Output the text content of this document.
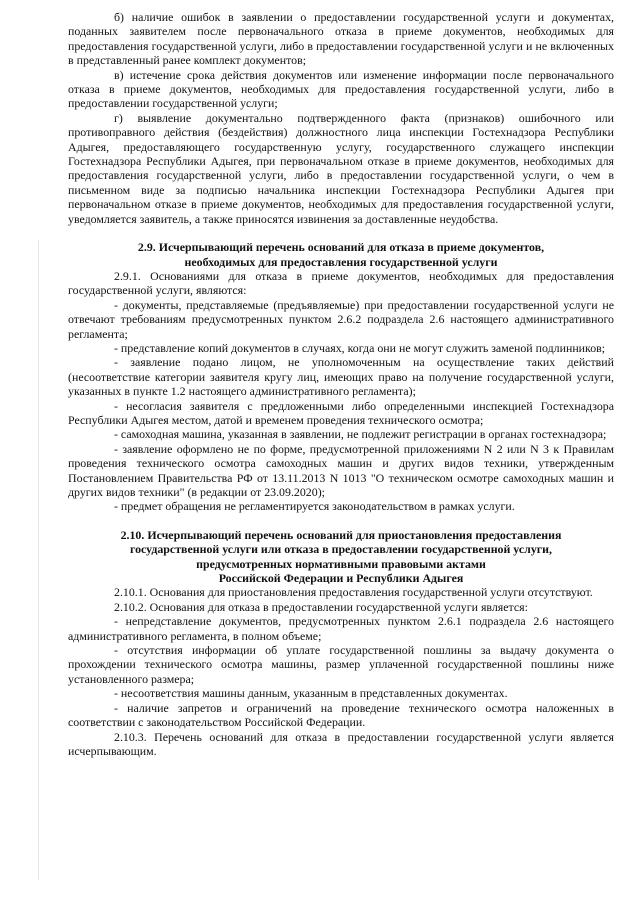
б) наличие ошибок в заявлении о предоставлении государственной услуги и документах, поданных заявителем после первоначального отказа в приеме документов, необходимых для предоставления государственной услуги, либо в предоставлении государственной услуги и не включенных в представленный ранее комплект документов;

в) истечение срока действия документов или изменение информации после первоначального отказа в приеме документов, необходимых для предоставления государственной услуги, либо в предоставлении государственной услуги;

г) выявление документально подтвержденного факта (признаков) ошибочного или противоправного действия (бездействия) должностного лица инспекции Гостехнадзора Республики Адыгея, предоставляющего государственную услугу, государственного служащего инспекции Гостехнадзора Республики Адыгея, при первоначальном отказе в приеме документов, необходимых для предоставления государственной услуги, либо в предоставлении государственной услуги, о чем в письменном виде за подписью начальника инспекции Гостехнадзора Республики Адыгея при первоначальном отказе в приеме документов, необходимых для предоставления государственной услуги, уведомляется заявитель, а также приносятся извинения за доставленные неудобства.

2.9. Исчерпывающий перечень оснований для отказа в приеме документов,

необходимых для предоставления государственной услуги

2.9.1. Основаниями для отказа в приеме документов, необходимых для предоставления государственной услуги, являются:

- документы, представляемые (предъявляемые) при предоставлении государственной услуги не отвечают требованиям предусмотренных пунктом 2.6.2 подраздела 2.6 настоящего административного регламента;

- представление копий документов в случаях, когда они не могут служить заменой подлинников;

- заявление подано лицом, не уполномоченным на осуществление таких действий (несоответствие категории заявителя кругу лиц, имеющих право на получение государственной услуги, указанных в пункте 1.2 настоящего административного регламента);

- несогласия заявителя с предложенными либо определенными инспекцией Гостехнадзора Республики Адыгея местом, датой и временем проведения технического осмотра;

- самоходная машина, указанная в заявлении, не подлежит регистрации в органах гостехнадзора;

- заявление оформлено не по форме, предусмотренной приложениями N 2 или N 3 к Правилам проведения технического осмотра самоходных машин и других видов техники, утвержденным Постановлением Правительства РФ от 13.11.2013 N 1013 "О техническом осмотре самоходных машин и других видов техники" (в редакции от 23.09.2020);

- предмет обращения не регламентируется законодательством в рамках услуги.

2.10. Исчерпывающий перечень оснований для приостановления предоставления

государственной услуги или отказа в предоставлении государственной услуги,

предусмотренных нормативными правовыми актами

Российской Федерации и Республики Адыгея

2.10.1. Основания для приостановления предоставления государственной услуги отсутствуют.

2.10.2. Основания для отказа в предоставлении государственной услуги является:

- непредставление документов, предусмотренных пунктом 2.6.1 подраздела 2.6 настоящего административного регламента, в полном объеме;

- отсутствия информации об уплате государственной пошлины за выдачу документа о прохождении технического осмотра машины, размер уплаченной государственной пошлины ниже установленного размера;

- несоответствия машины данным, указанным в представленных документах.

- наличие запретов и ограничений на проведение технического осмотра наложенных в соответствии с законодательством Российской Федерации.

2.10.3. Перечень оснований для отказа в предоставлении государственной услуги является исчерпывающим.
